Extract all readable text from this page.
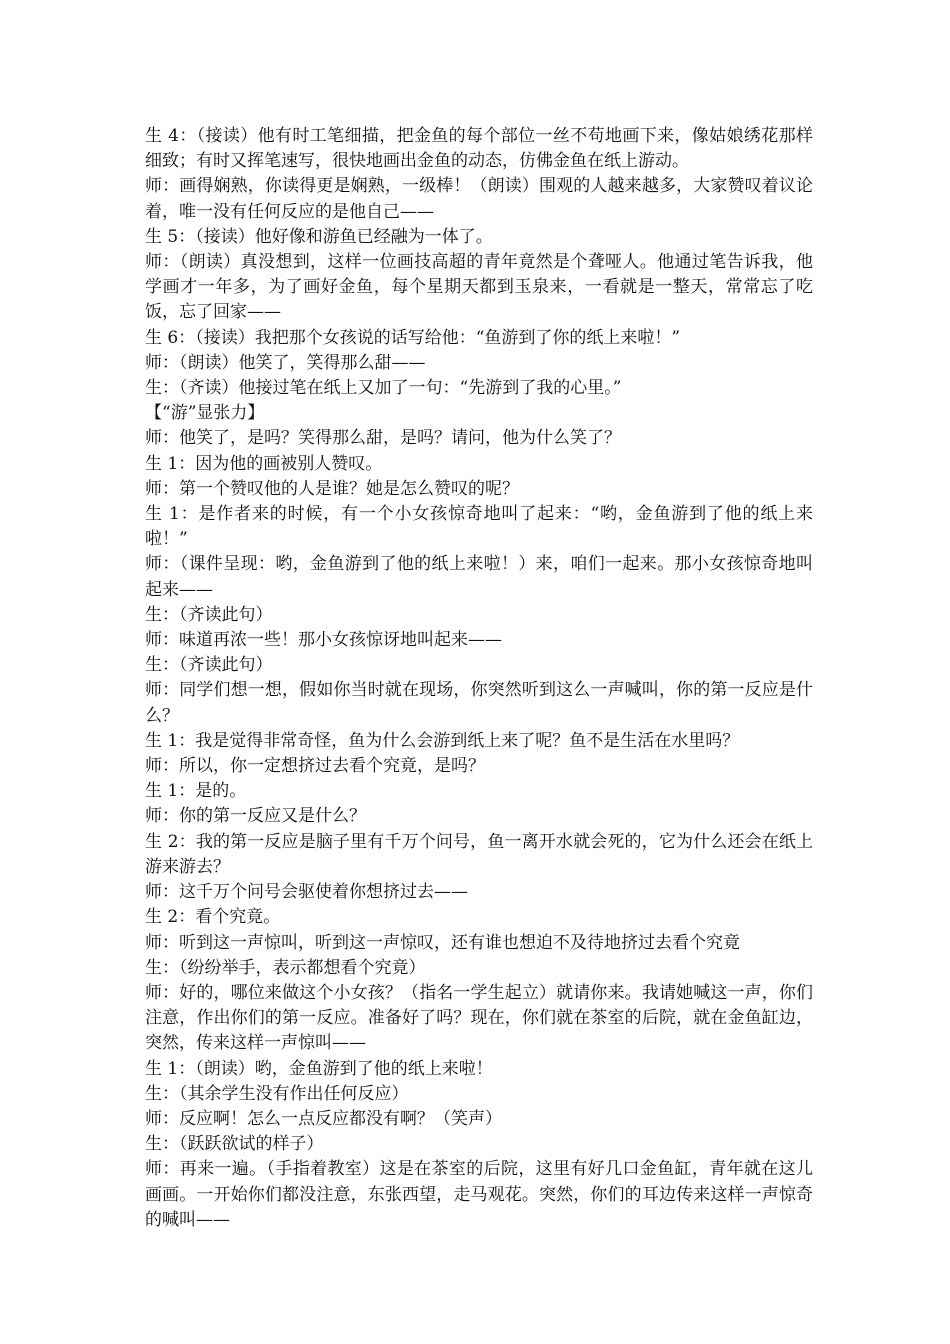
生 4：（接读）他有时工笔细描，把金鱼的每个部位一丝不苟地画下来，像姑娘绣花那样细致；有时又挥笔速写，很快地画出金鱼的动态，仿佛金鱼在纸上游动。

师：画得娴熟，你读得更是娴熟，一级棒！（朗读）围观的人越来越多，大家赞叹着议论着，唯一没有任何反应的是他自己——

生 5：（接读）他好像和游鱼已经融为一体了。

师：（朗读）真没想到，这样一位画技高超的青年竟然是个聋哑人。他通过笔告诉我，他学画才一年多，为了画好金鱼，每个星期天都到玉泉来，一看就是一整天，常常忘了吃饭，忘了回家——

生 6：（接读）我把那个女孩说的话写给他：“鱼游到了你的纸上来啦！”

师：（朗读）他笑了，笑得那么甜——

生：（齐读）他接过笔在纸上又加了一句：“先游到了我的心里。”

【“游”显张力】

师：他笑了，是吗？笑得那么甜，是吗？请问，他为什么笑了？

生 1：因为他的画被别人赞叹。

师：第一个赞叹他的人是谁？她是怎么赞叹的呢？

生 1：是作者来的时候，有一个小女孩惊奇地叫了起来：“哟，金鱼游到了他的纸上来啦！”

师：（课件呈现：哟，金鱼游到了他的纸上来啦！）来，咱们一起来。那小女孩惊奇地叫起来——

生：（齐读此句）

师：味道再浓一些！那小女孩惊讶地叫起来——

生：（齐读此句）

师：同学们想一想，假如你当时就在现场，你突然听到这么一声喊叫，你的第一反应是什么？

生 1：我是觉得非常奇怪，鱼为什么会游到纸上来了呢？鱼不是生活在水里吗？

师：所以，你一定想挤过去看个究竟，是吗？

生 1：是的。

师：你的第一反应又是什么？

生 2：我的第一反应是脑子里有千万个问号，鱼一离开水就会死的，它为什么还会在纸上游来游去？

师：这千万个问号会驱使着你想挤过去——

生 2：看个究竟。

师：听到这一声惊叫，听到这一声惊叹，还有谁也想迫不及待地挤过去看个究竟

生：（纷纷举手，表示都想看个究竟）

师：好的，哪位来做这个小女孩？（指名一学生起立）就请你来。我请她喊这一声，你们注意，作出你们的第一反应。准备好了吗？现在，你们就在茶室的后院，就在金鱼缸边，突然，传来这样一声惊叫——

生 1：（朗读）哟，金鱼游到了他的纸上来啦！

生：（其余学生没有作出任何反应）

师：反应啊！怎么一点反应都没有啊？（笑声）

生：（跃跃欲试的样子）

师：再来一遍。（手指着教室）这是在茶室的后院，这里有好几口金鱼缸，青年就在这儿画画。一开始你们都没注意，东张西望，走马观花。突然，你们的耳边传来这样一声惊奇的喊叫——
